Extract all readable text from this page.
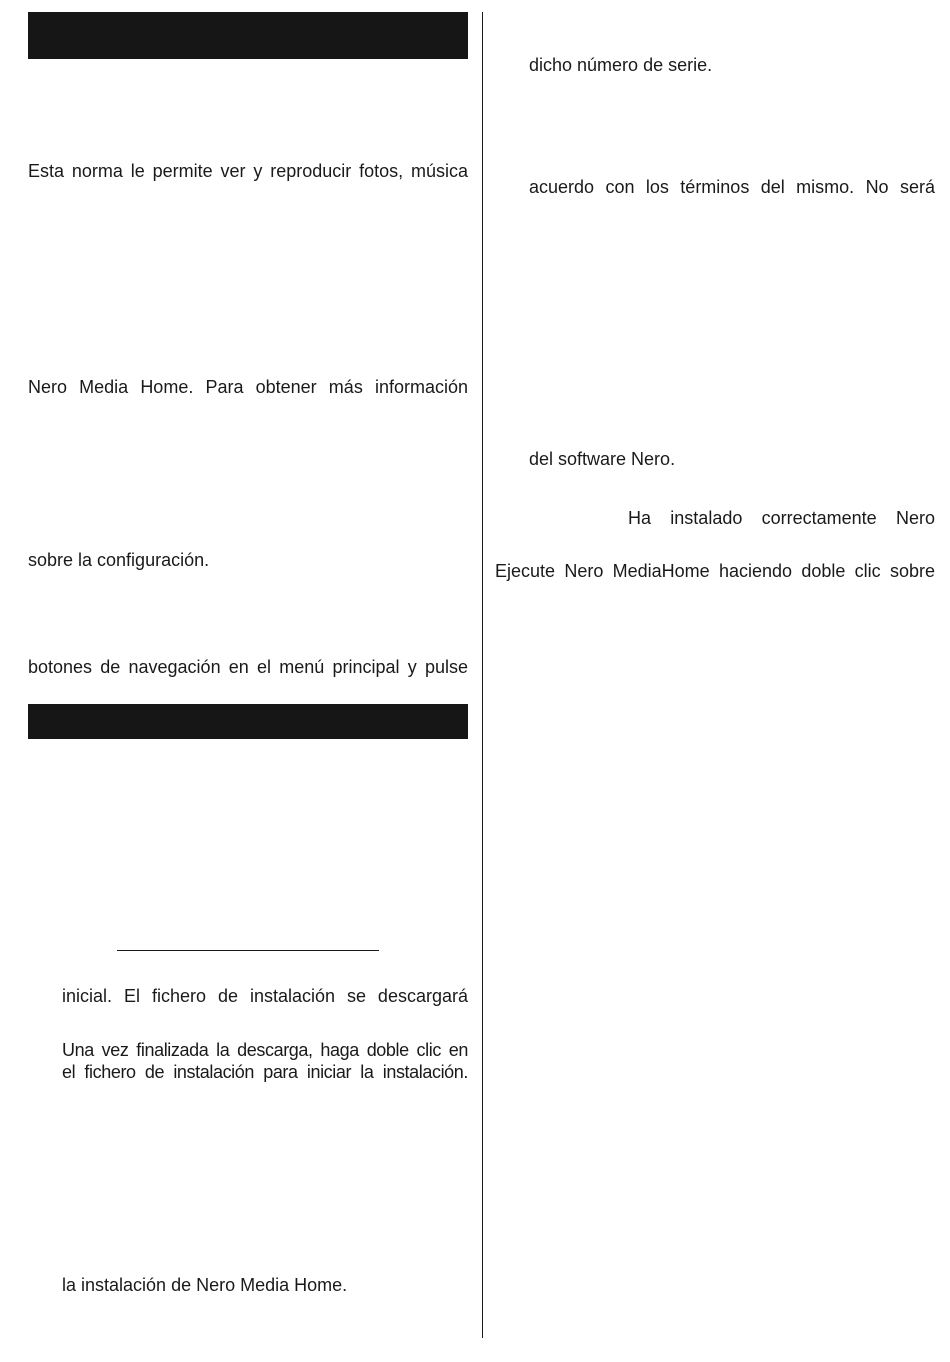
Esta norma le permite ver y reproducir fotos, música
Nero Media Home. Para obtener más información
sobre la configuración.
botones de navegación en el menú principal y pulse
inicial. El fichero de instalación se descargará
Una vez finalizada la descarga, haga doble clic en
el fichero de instalación para iniciar la instalación.
la instalación de Nero Media Home.
dicho número de serie.
acuerdo con los términos del mismo. No será
del software Nero.
Ha instalado correctamente Nero
Ejecute Nero MediaHome haciendo doble clic sobre
